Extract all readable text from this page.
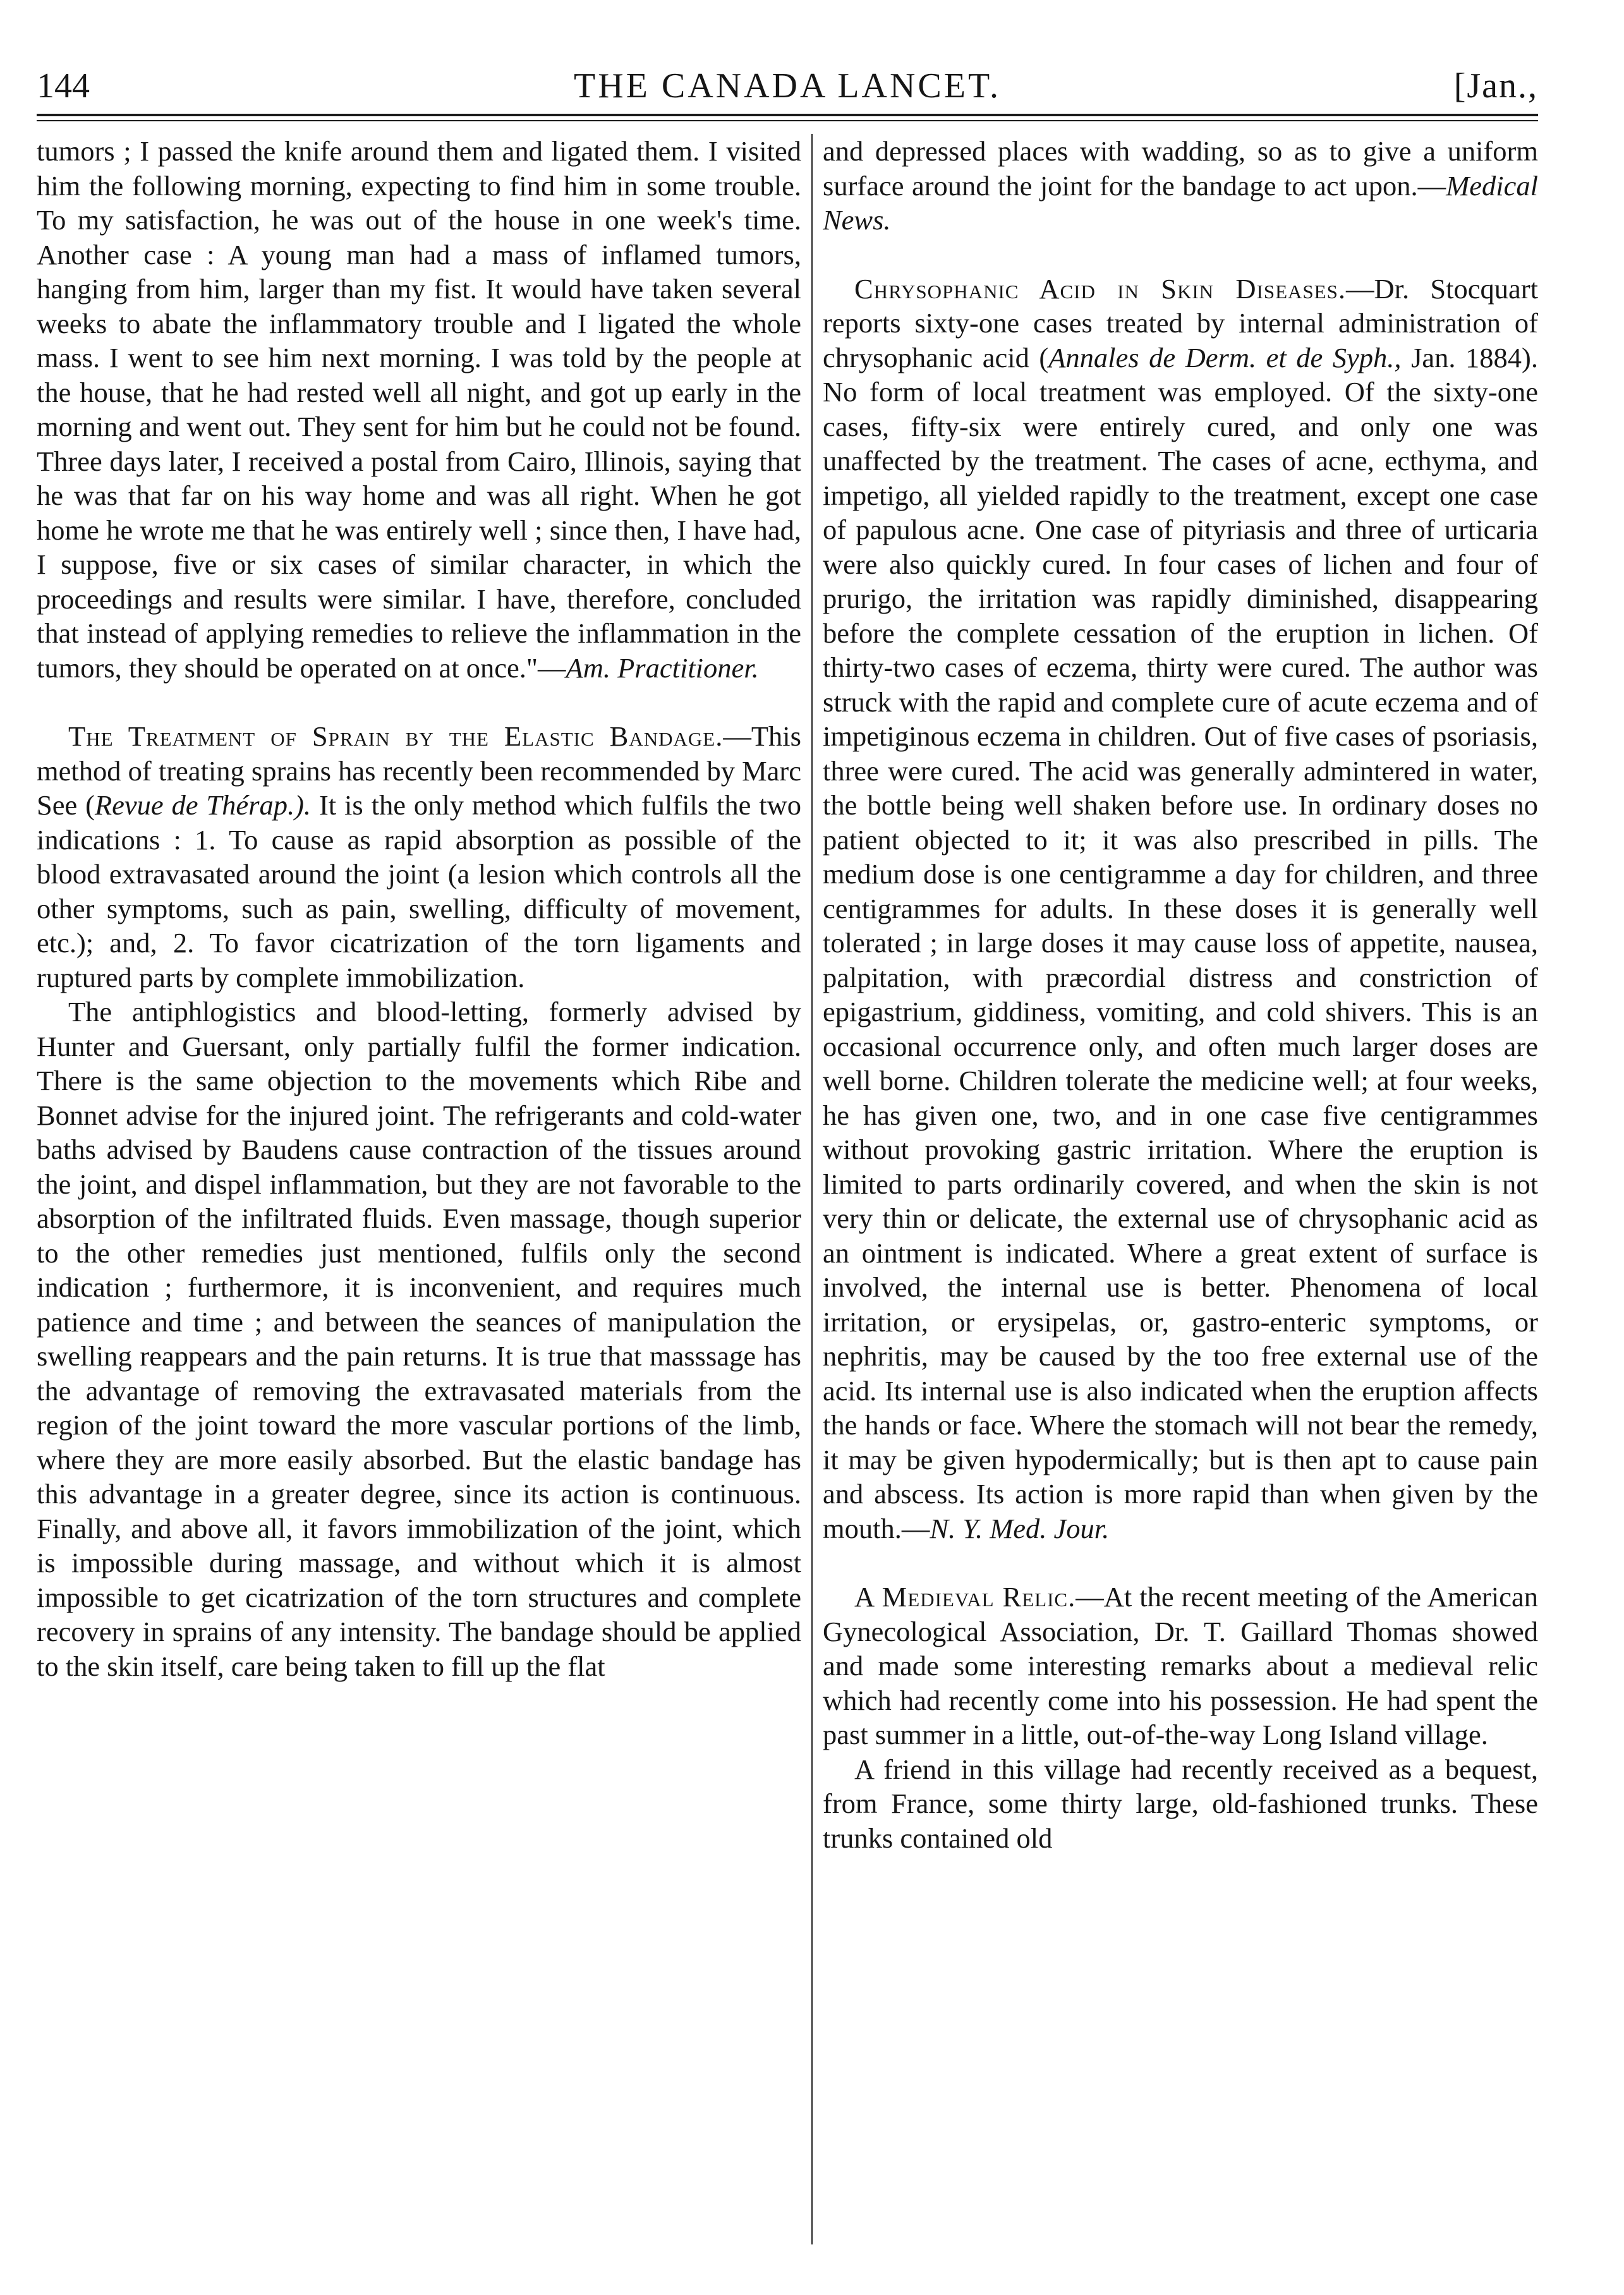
144	THE CANADA LANCET.	[Jan.,

tumors ; I passed the knife around them and ligated them. I visited him the following morning, expecting to find him in some trouble. To my satisfaction, he was out of the house in one week's time. Another case : A young man had a mass of inflamed tumors, hanging from him, larger than my fist. It would have taken several weeks to abate the inflammatory trouble and I ligated the whole mass. I went to see him next morning. I was told by the people at the house, that he had rested well all night, and got up early in the morning and went out. They sent for him but he could not be found. Three days later, I received a postal from Cairo, Illinois, saying that he was that far on his way home and was all right. When he got home he wrote me that he was entirely well ; since then, I have had, I suppose, five or six cases of similar character, in which the proceedings and results were similar. I have, therefore, concluded that instead of applying remedies to relieve the inflammation in the tumors, they should be operated on at once."—Am. Practitioner.

The Treatment of Sprain by the Elastic Bandage.—This method of treating sprains has recently been recommended by Marc See (Revue de Thérap.). It is the only method which fulfils the two indications : 1. To cause as rapid absorption as possible of the blood extravasated around the joint (a lesion which controls all the other symptoms, such as pain, swelling, difficulty of movement, etc.); and, 2. To favor cicatrization of the torn ligaments and ruptured parts by complete immobilization.

The antiphlogistics and blood-letting, formerly advised by Hunter and Guersant, only partially fulfil the former indication. There is the same objection to the movements which Ribe and Bonnet advise for the injured joint. The refrigerants and cold-water baths advised by Baudens cause contraction of the tissues around the joint, and dispel inflammation, but they are not favorable to the absorption of the infiltrated fluids. Even massage, though superior to the other remedies just mentioned, fulfils only the second indication ; furthermore, it is inconvenient, and requires much patience and time ; and between the seances of manipulation the swelling reappears and the pain returns. It is true that masssage has the advantage of removing the extravasated materials from the region of the joint toward the more vascular portions of the limb, where they are more easily absorbed. But the elastic bandage has this advantage in a greater degree, since its action is continuous. Finally, and above all, it favors immobilization of the joint, which is impossible during massage, and without which it is almost impossible to get cicatrization of the torn structures and complete recovery in sprains of any intensity. The bandage should be applied to the skin itself, care being taken to fill up the flat

and depressed places with wadding, so as to give a uniform surface around the joint for the bandage to act upon.—Medical News.

Chrysophanic Acid in Skin Diseases.—Dr. Stocquart reports sixty-one cases treated by internal administration of chrysophanic acid (Annales de Derm. et de Syph., Jan. 1884). No form of local treatment was employed. Of the sixty-one cases, fifty-six were entirely cured, and only one was unaffected by the treatment. The cases of acne, ecthyma, and impetigo, all yielded rapidly to the treatment, except one case of papulous acne. One case of pityriasis and three of urticaria were also quickly cured. In four cases of lichen and four of prurigo, the irritation was rapidly diminished, disappearing before the complete cessation of the eruption in lichen. Of thirty-two cases of eczema, thirty were cured. The author was struck with the rapid and complete cure of acute eczema and of impetiginous eczema in children. Out of five cases of psoriasis, three were cured. The acid was generally admintered in water, the bottle being well shaken before use. In ordinary doses no patient objected to it; it was also prescribed in pills. The medium dose is one centigramme a day for children, and three centigrammes for adults. In these doses it is generally well tolerated ; in large doses it may cause loss of appetite, nausea, palpitation, with præcordial distress and constriction of epigastrium, giddiness, vomiting, and cold shivers. This is an occasional occurrence only, and often much larger doses are well borne. Children tolerate the medicine well; at four weeks, he has given one, two, and in one case five centigrammes without provoking gastric irritation. Where the eruption is limited to parts ordinarily covered, and when the skin is not very thin or delicate, the external use of chrysophanic acid as an ointment is indicated. Where a great extent of surface is involved, the internal use is better. Phenomena of local irritation, or erysipelas, or, gastro-enteric symptoms, or nephritis, may be caused by the too free external use of the acid. Its internal use is also indicated when the eruption affects the hands or face. Where the stomach will not bear the remedy, it may be given hypodermically; but is then apt to cause pain and abscess. Its action is more rapid than when given by the mouth.—N. Y. Med. Jour.

A Medieval Relic.—At the recent meeting of the American Gynecological Association, Dr. T. Gaillard Thomas showed and made some interesting remarks about a medieval relic which had recently come into his possession. He had spent the past summer in a little, out-of-the-way Long Island village.

A friend in this village had recently received as a bequest, from France, some thirty large, old-fashioned trunks. These trunks contained old
